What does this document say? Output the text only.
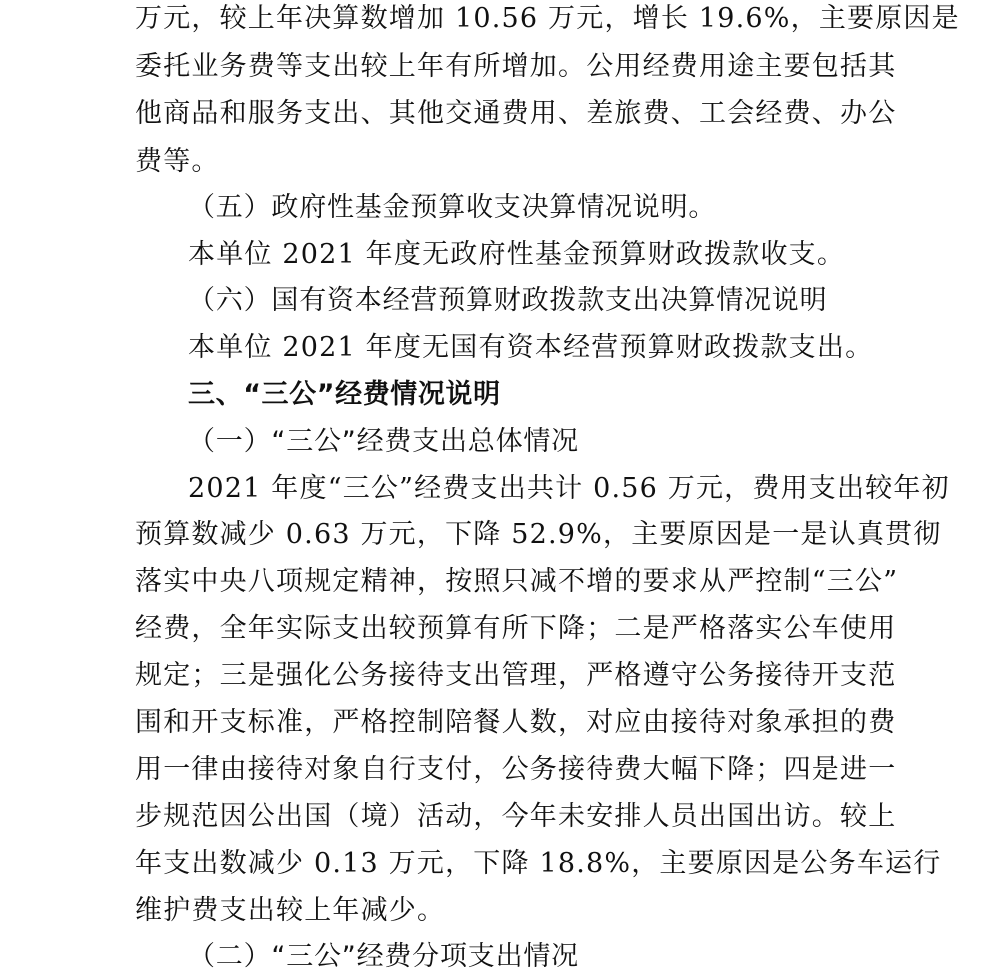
万元，较上年决算数增加 10.56 万元，增长 19.6%，主要原因是
委托业务费等支出较上年有所增加。公用经费用途主要包括其
他商品和服务支出、其他交通费用、差旅费、工会经费、办公
费等。
（五）政府性基金预算收支决算情况说明。
本单位 2021 年度无政府性基金预算财政拨款收支。
（六）国有资本经营预算财政拨款支出决算情况说明
本单位 2021 年度无国有资本经营预算财政拨款支出。
三、“三公”经费情况说明
（一）“三公”经费支出总体情况
2021 年度“三公”经费支出共计 0.56 万元，费用支出较年初
预算数减少 0.63 万元，下降 52.9%，主要原因是一是认真贯彻
落实中央八项规定精神，按照只减不增的要求从严控制“三公”
经费，全年实际支出较预算有所下降；二是严格落实公车使用
规定；三是强化公务接待支出管理，严格遵守公务接待开支范
围和开支标准，严格控制陪餐人数，对应由接待对象承担的费
用一律由接待对象自行支付，公务接待费大幅下降；四是进一
步规范因公出国（境）活动，今年未安排人员出国出访。较上
年支出数减少 0.13 万元，下降 18.8%，主要原因是公务车运行
维护费支出较上年减少。
（二）“三公”经费分项支出情况
